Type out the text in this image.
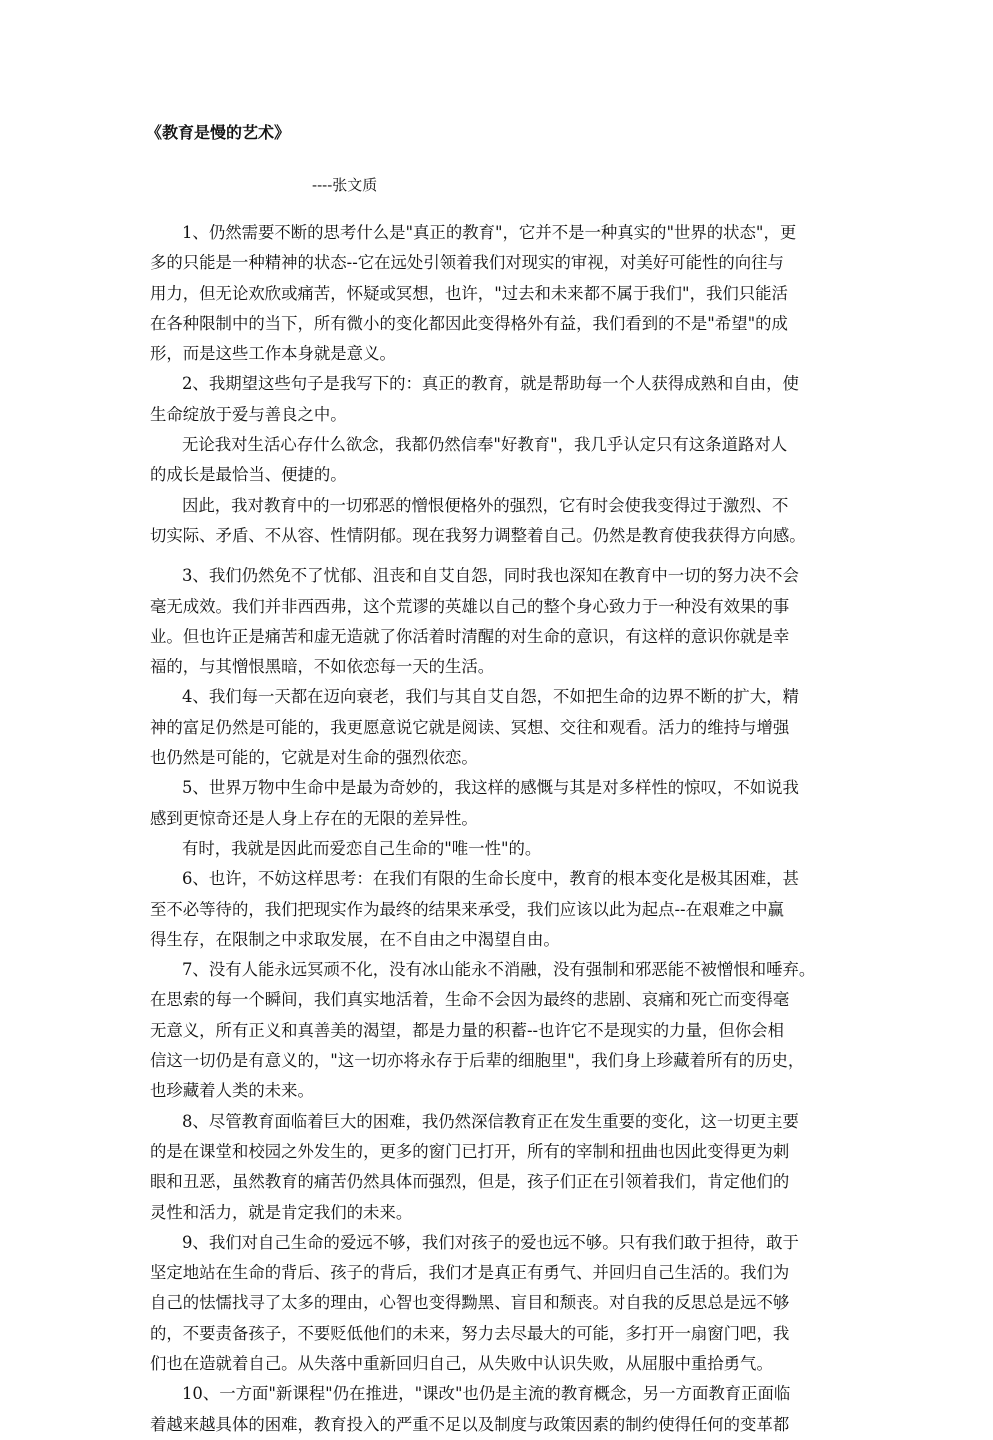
《教育是慢的艺术》
----张文质
1、仍然需要不断的思考什么是"真正的教育"，它并不是一种真实的"世界的状态"，更
多的只能是一种精神的状态--它在远处引领着我们对现实的审视，对美好可能性的向往与
用力，但无论欢欣或痛苦，怀疑或冥想，也许，"过去和未来都不属于我们"，我们只能活
在各种限制中的当下，所有微小的变化都因此变得格外有益，我们看到的不是"希望"的成
形，而是这些工作本身就是意义。
2、我期望这些句子是我写下的：真正的教育，就是帮助每一个人获得成熟和自由，使
生命绽放于爱与善良之中。
无论我对生活心存什么欲念，我都仍然信奉"好教育"，我几乎认定只有这条道路对人
的成长是最恰当、便捷的。
因此，我对教育中的一切邪恶的憎恨便格外的强烈，它有时会使我变得过于激烈、不
切实际、矛盾、不从容、性情阴郁。现在我努力调整着自己。仍然是教育使我获得方向感。
3、我们仍然免不了忧郁、沮丧和自艾自怨，同时我也深知在教育中一切的努力决不会
毫无成效。我们并非西西弗，这个荒谬的英雄以自己的整个身心致力于一种没有效果的事
业。但也许正是痛苦和虚无造就了你活着时清醒的对生命的意识，有这样的意识你就是幸
福的，与其憎恨黑暗，不如依恋每一天的生活。
4、我们每一天都在迈向衰老，我们与其自艾自怨，不如把生命的边界不断的扩大，精
神的富足仍然是可能的，我更愿意说它就是阅读、冥想、交往和观看。活力的维持与增强
也仍然是可能的，它就是对生命的强烈依恋。
5、世界万物中生命中是最为奇妙的，我这样的感慨与其是对多样性的惊叹，不如说我
感到更惊奇还是人身上存在的无限的差异性。
有时，我就是因此而爱恋自己生命的"唯一性"的。
6、也许，不妨这样思考：在我们有限的生命长度中，教育的根本变化是极其困难，甚
至不必等待的，我们把现实作为最终的结果来承受，我们应该以此为起点--在艰难之中赢
得生存，在限制之中求取发展，在不自由之中渴望自由。
7、没有人能永远冥顽不化，没有冰山能永不消融，没有强制和邪恶能不被憎恨和唾弃。
在思索的每一个瞬间，我们真实地活着，生命不会因为最终的悲剧、哀痛和死亡而变得毫
无意义，所有正义和真善美的渴望，都是力量的积蓄--也许它不是现实的力量，但你会相
信这一切仍是有意义的，"这一切亦将永存于后辈的细胞里"，我们身上珍藏着所有的历史，
也珍藏着人类的未来。
8、尽管教育面临着巨大的困难，我仍然深信教育正在发生重要的变化，这一切更主要
的是在课堂和校园之外发生的，更多的窗门已打开，所有的宰制和扭曲也因此变得更为刺
眼和丑恶，虽然教育的痛苦仍然具体而强烈，但是，孩子们正在引领着我们，肯定他们的
灵性和活力，就是肯定我们的未来。
9、我们对自己生命的爱远不够，我们对孩子的爱也远不够。只有我们敢于担待，敢于
坚定地站在生命的背后、孩子的背后，我们才是真正有勇气、并回归自己生活的。我们为
自己的怯懦找寻了太多的理由，心智也变得黝黑、盲目和颓丧。对自我的反思总是远不够
的，不要责备孩子，不要贬低他们的未来，努力去尽最大的可能，多打开一扇窗门吧，我
们也在造就着自己。从失落中重新回归自己，从失败中认识失败，从屈服中重拾勇气。
10、一方面"新课程"仍在推进，"课改"也仍是主流的教育概念，另一方面教育正面临
着越来越具体的困难，教育投入的严重不足以及制度与政策因素的制约使得任何的变革都
